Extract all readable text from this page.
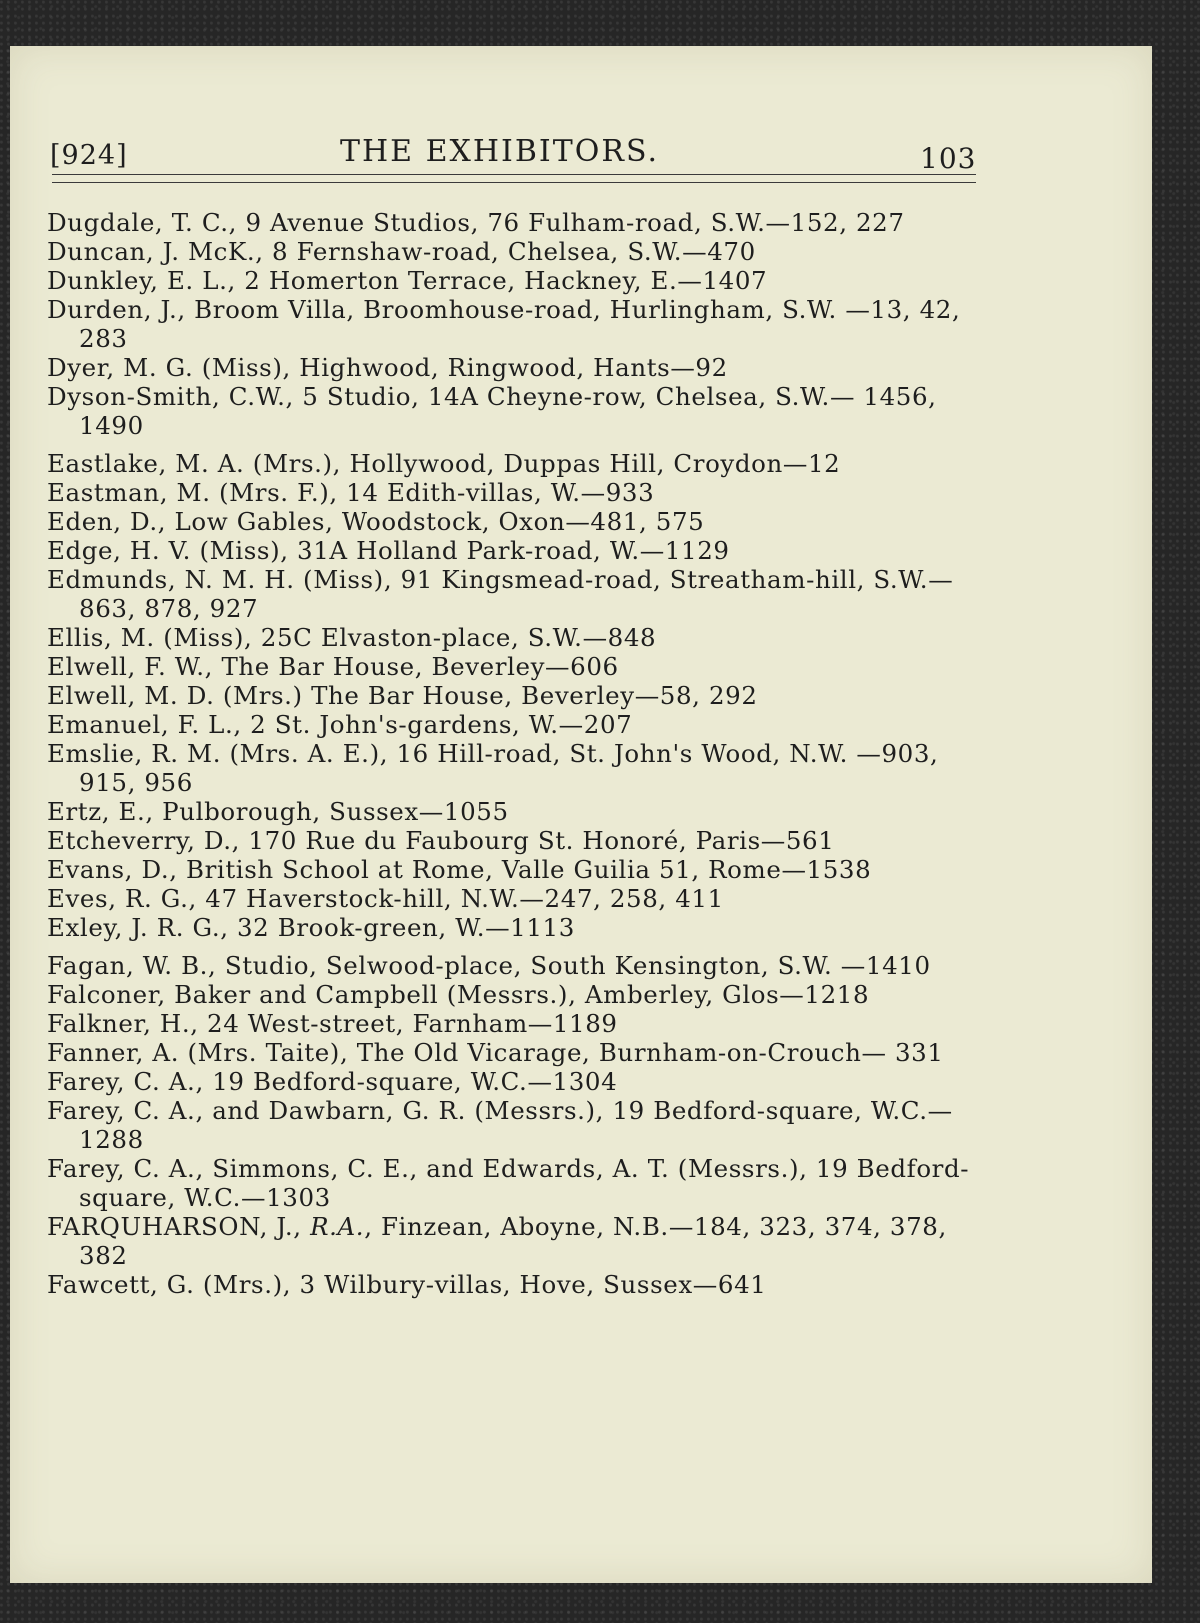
[924]	THE EXHIBITORS.	103
Dugdale, T. C., 9 Avenue Studios, 76 Fulham-road, S.W.—152, 227
Duncan, J. McK., 8 Fernshaw-road, Chelsea, S.W.—470
Dunkley, E. L., 2 Homerton Terrace, Hackney, E.—1407
Durden, J., Broom Villa, Broomhouse-road, Hurlingham, S.W. —13, 42, 283
Dyer, M. G. (Miss), Highwood, Ringwood, Hants—92
Dyson-Smith, C.W., 5 Studio, 14A Cheyne-row, Chelsea, S.W.— 1456, 1490
Eastlake, M. A. (Mrs.), Hollywood, Duppas Hill, Croydon—12
Eastman, M. (Mrs. F.), 14 Edith-villas, W.—933
Eden, D., Low Gables, Woodstock, Oxon—481, 575
Edge, H. V. (Miss), 31A Holland Park-road, W.—1129
Edmunds, N. M. H. (Miss), 91 Kingsmead-road, Streatham-hill, S.W.—863, 878, 927
Ellis, M. (Miss), 25C Elvaston-place, S.W.—848
Elwell, F. W., The Bar House, Beverley—606
Elwell, M. D. (Mrs.) The Bar House, Beverley—58, 292
Emanuel, F. L., 2 St. John's-gardens, W.—207
Emslie, R. M. (Mrs. A. E.), 16 Hill-road, St. John's Wood, N.W. —903, 915, 956
Ertz, E., Pulborough, Sussex—1055
Etcheverry, D., 170 Rue du Faubourg St. Honoré, Paris—561
Evans, D., British School at Rome, Valle Guilia 51, Rome—1538
Eves, R. G., 47 Haverstock-hill, N.W.—247, 258, 411
Exley, J. R. G., 32 Brook-green, W.—1113
Fagan, W. B., Studio, Selwood-place, South Kensington, S.W. —1410
Falconer, Baker and Campbell (Messrs.), Amberley, Glos—1218
Falkner, H., 24 West-street, Farnham—1189
Fanner, A. (Mrs. Taite), The Old Vicarage, Burnham-on-Crouch— 331
Farey, C. A., 19 Bedford-square, W.C.—1304
Farey, C. A., and Dawbarn, G. R. (Messrs.), 19 Bedford-square, W.C.—1288
Farey, C. A., Simmons, C. E., and Edwards, A. T. (Messrs.), 19 Bedford-square, W.C.—1303
FARQUHARSON, J., R.A., Finzean, Aboyne, N.B.—184, 323, 374, 378, 382
Fawcett, G. (Mrs.), 3 Wilbury-villas, Hove, Sussex—641
